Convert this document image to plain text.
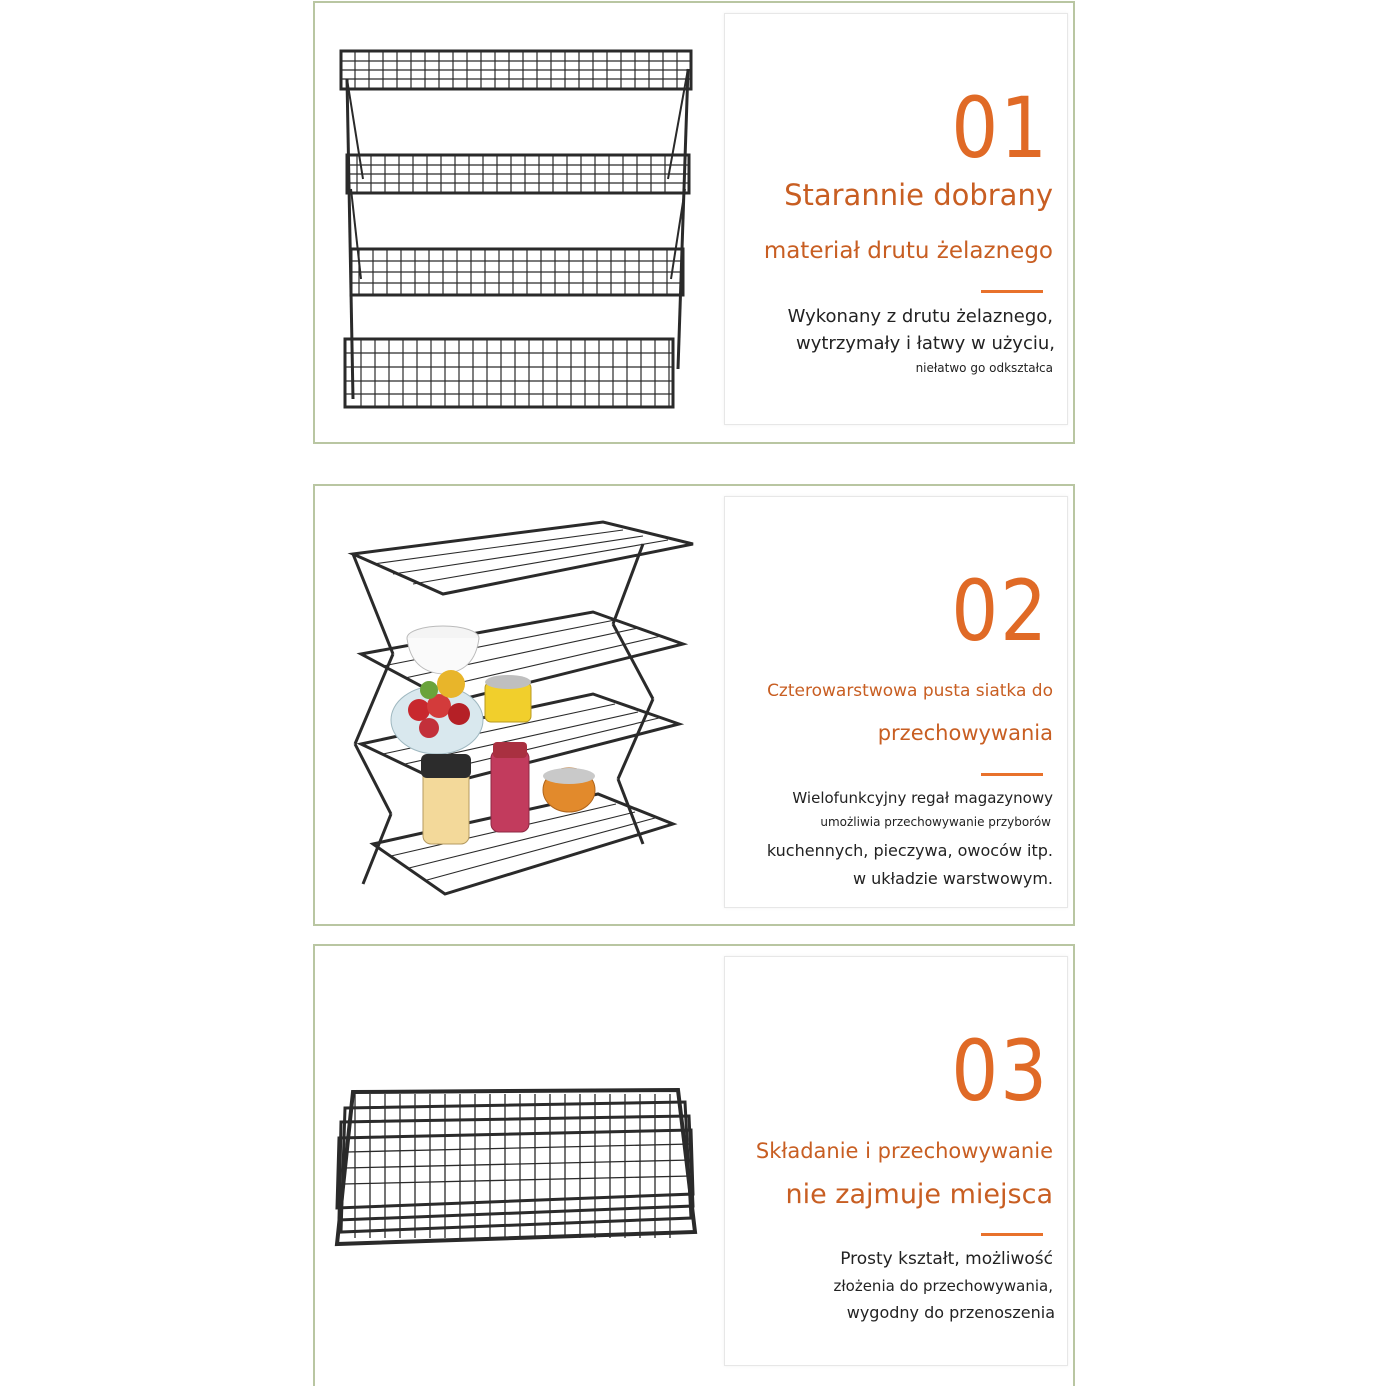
01
Starannie dobrany
materiał drutu żelaznego
Wykonany z drutu żelaznego,
wytrzymały i łatwy w użyciu,
niełatwo go odkształca
02
Czterowarstwowa pusta siatka do
przechowywania
Wielofunkcyjny regał magazynowy
umożliwia przechowywanie przyborów
kuchennych, pieczywa, owoców itp.
w układzie warstwowym.
03
Składanie i przechowywanie
nie zajmuje miejsca
Prosty kształt, możliwość
złożenia do przechowywania,
wygodny do przenoszenia
